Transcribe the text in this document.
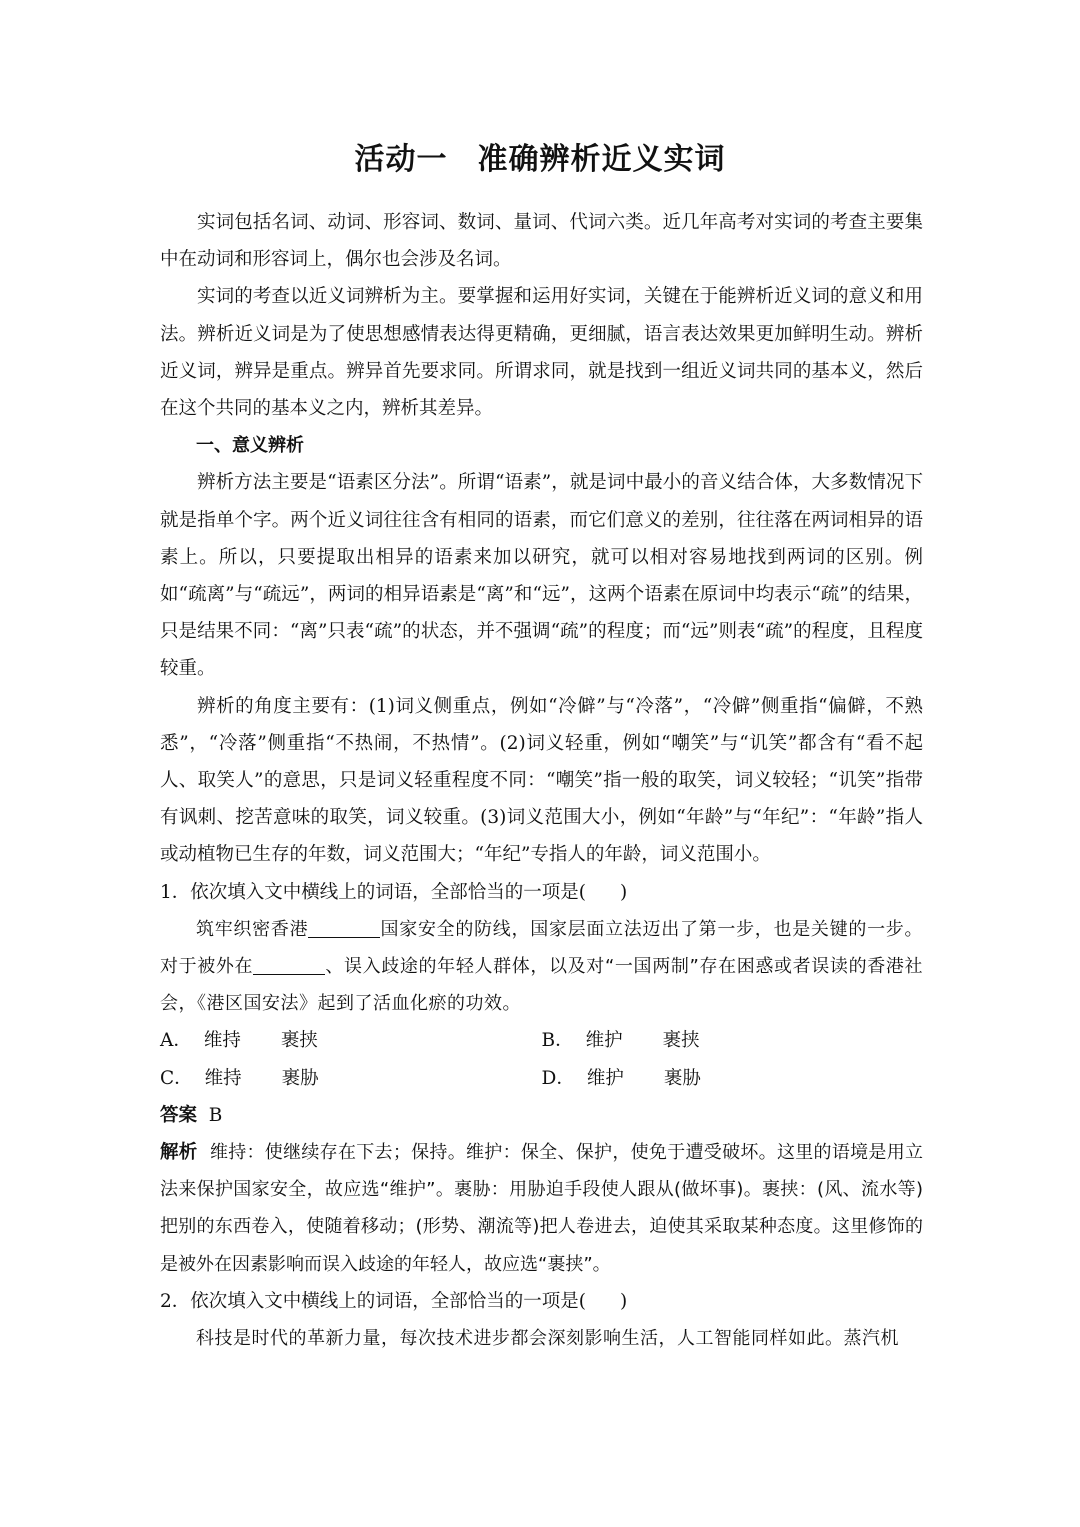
活动一 准确辨析近义实词

实词包括名词、动词、形容词、数词、量词、代词六类。近几年高考对实词的考查主要集中在动词和形容词上，偶尔也会涉及名词。

实词的考查以近义词辨析为主。要掌握和运用好实词，关键在于能辨析近义词的意义和用法。辨析近义词是为了使思想感情表达得更精确，更细腻，语言表达效果更加鲜明生动。辨析近义词，辨异是重点。辨异首先要求同。所谓求同，就是找到一组近义词共同的基本义，然后在这个共同的基本义之内，辨析其差异。

一、意义辨析

辨析方法主要是“语素区分法”。所谓“语素”，就是词中最小的音义结合体，大多数情况下就是指单个字。两个近义词往往含有相同的语素，而它们意义的差别，往往落在两词相异的语素上。所以，只要提取出相异的语素来加以研究，就可以相对容易地找到两词的区别。例如“疏离”与“疏远”，两词的相异语素是“离”和“远”，这两个语素在原词中均表示“疏”的结果，只是结果不同：“离”只表“疏”的状态，并不强调“疏”的程度；而“远”则表“疏”的程度，且程度较重。

辨析的角度主要有：(1)词义侧重点，例如“冷僻”与“冷落”，“冷僻”侧重指“偏僻，不熟悉”，“冷落”侧重指“不热闹，不热情”。(2)词义轻重，例如“嘲笑”与“讥笑”都含有“看不起人、取笑人”的意思，只是词义轻重程度不同：“嘲笑”指一般的取笑，词义较轻；“讥笑”指带有讽刺、挖苦意味的取笑，词义较重。(3)词义范围大小，例如“年龄”与“年纪”：“年龄”指人或动植物已生存的年数，词义范围大；“年纪”专指人的年龄，词义范围小。

1．依次填入文中横线上的词语，全部恰当的一项是( )

筑牢织密香港	国家安全的防线，国家层面立法迈出了第一步，也是关键的一步。对于被外在	、误入歧途的年轻人群体，以及对“一国两制”存在困惑或者误读的香港社会，《港区国安法》起到了活血化瘀的功效。

A． 维持 裹挟	B． 维护 裹挟
C． 维持 裹胁	D． 维护 裹胁

答案 B

解析 维持：使继续存在下去；保持。维护：保全、保护，使免于遭受破坏。这里的语境是用立法来保护国家安全，故应选“维护”。裹胁：用胁迫手段使人跟从(做坏事)。裹挟：(风、流水等)把别的东西卷入，使随着移动；(形势、潮流等)把人卷进去，迫使其采取某种态度。这里修饰的是被外在因素影响而误入歧途的年轻人，故应选“裹挟”。

2．依次填入文中横线上的词语，全部恰当的一项是( )

科技是时代的革新力量，每次技术进步都会深刻影响生活，人工智能同样如此。蒸汽机
